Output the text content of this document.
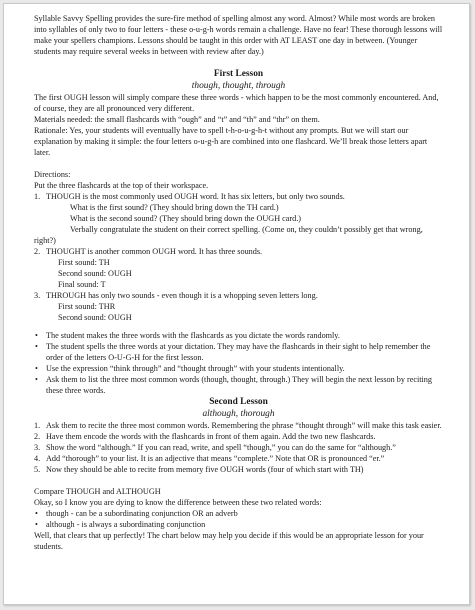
Syllable Savvy Spelling provides the sure-fire method of spelling almost any word. Almost? While most words are broken into syllables of only two to four letters - these o-u-g-h words remain a challenge. Have no fear! These thorough lessons will make your spellers champions. Lessons should be taught in this order with AT LEAST one day in between. (Younger students may require several weeks in between with review after day.)

First Lesson

though, thought, through

The first OUGH lesson will simply compare these three words - which happen to be the most commonly encountered. And, of course, they are all pronounced very different.

Materials needed: the small flashcards with “ough” and “t” and “th” and “thr” on them.

Rationale: Yes, your students will eventually have to spell t-h-o-u-g-h-t without any prompts. But we will start our explanation by making it simple: the four letters o-u-g-h are combined into one flashcard. We’ll break those letters apart later.

Directions:

Put the three flashcards at the top of their workspace.

1. THOUGH is the most commonly used OUGH word. It has six letters, but only two sounds.

What is the first sound? (They should bring down the TH card.)

What is the second sound? (They should bring down the OUGH card.)

Verbally congratulate the student on their correct spelling. (Come on, they couldn’t possibly get that wrong, right?)

2. THOUGHT is another common OUGH word. It has three sounds.

First sound: TH

Second sound: OUGH

Final sound: T

3. THROUGH has only two sounds - even though it is a whopping seven letters long.

First sound: THR

Second sound: OUGH

• The student makes the three words with the flashcards as you dictate the words randomly.
• The student spells the three words at your dictation. They may have the flashcards in their sight to help remember the order of the letters O-U-G-H for the first lesson.
• Use the expression “think through” and “thought through” with your students intentionally.
• Ask them to list the three most common words (though, thought, through.) They will begin the next lesson by reciting these three words.

Second Lesson

although, thorough

1. Ask them to recite the three most common words. Remembering the phrase “thought through” will make this task easier.
2. Have them encode the words with the flashcards in front of them again. Add the two new flashcards.
3. Show the word “although.” If you can read, write, and spell “though,” you can do the same for “although.”
4. Add “thorough” to your list. It is an adjective that means “complete.” Note that OR is pronounced “er.”
5. Now they should be able to recite from memory five OUGH words (four of which start with TH)

Compare THOUGH and ALTHOUGH

Okay, so I know you are dying to know the difference between these two related words:

• though - can be a subordinating conjunction OR an adverb
• although - is always a subordinating conjunction

Well, that clears that up perfectly! The chart below may help you decide if this would be an appropriate lesson for your students.
